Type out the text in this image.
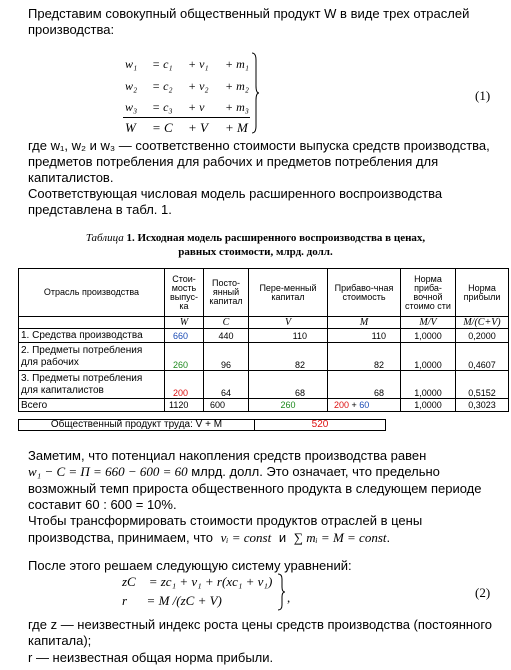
Представим совокупный общественный продукт W в виде трех отраслей
производства:
w₁ = c₁ + v₁ + m₁
w₂ = c₂ + v₂ + m₂
w₃ = c₃ + v + m₃
W = C + V + M
(1)
где w₁, w₂ и w₃ — соответственно стоимости выпуска средств производства,
предметов потребления для рабочих и предметов потребления для
капиталистов.
Соответствующая числовая модель расширенного воспроизводства
представлена в табл. 1.
Таблица 1. Исходная модель расширенного воспроизводства в ценах,
равных стоимости, млрд. долл.
Отрасль производства	Стои-мость выпус-ка	Посто-янный капитал	Пере-менный капитал	Прибаво-чная стоимость	Норма приба-вочной стоимо сти	Норма прибыли
	W	C	V	M	M/V	M/(C+V)
1. Средства производства	660	440	110	110	1,0000	0,2000
2. Предметы потребления
для рабочих	260	96	82	82	1,0000	0,4607
3. Предметы потребления
для капиталистов	200	64	68	68	1,0000	0,5152
Всего	1120	600	260	200 + 60	1,0000	0,3023
Общественный продукт труда: V + M	520
Заметим, что потенциал накопления средств производства равен
w₁ − C = П = 660 − 600 = 60 млрд. долл. Это означает, что предельно
возможный темп прироста общественного продукта в следующем периоде
составит 60 : 600 = 10%.
Чтобы трансформировать стоимости продуктов отраслей в цены
производства, принимаем, что vᵢ = const и ∑ mᵢ = M = const.
После этого решаем следующую систему уравнений:
zC    = zc₁ + v₁ + r(xc₁ + v₁)
r      = M /(zC + V)	,	(2)
где z — неизвестный индекс роста цены средств производства (постоянного
капитала);
r — неизвестная общая норма прибыли.
